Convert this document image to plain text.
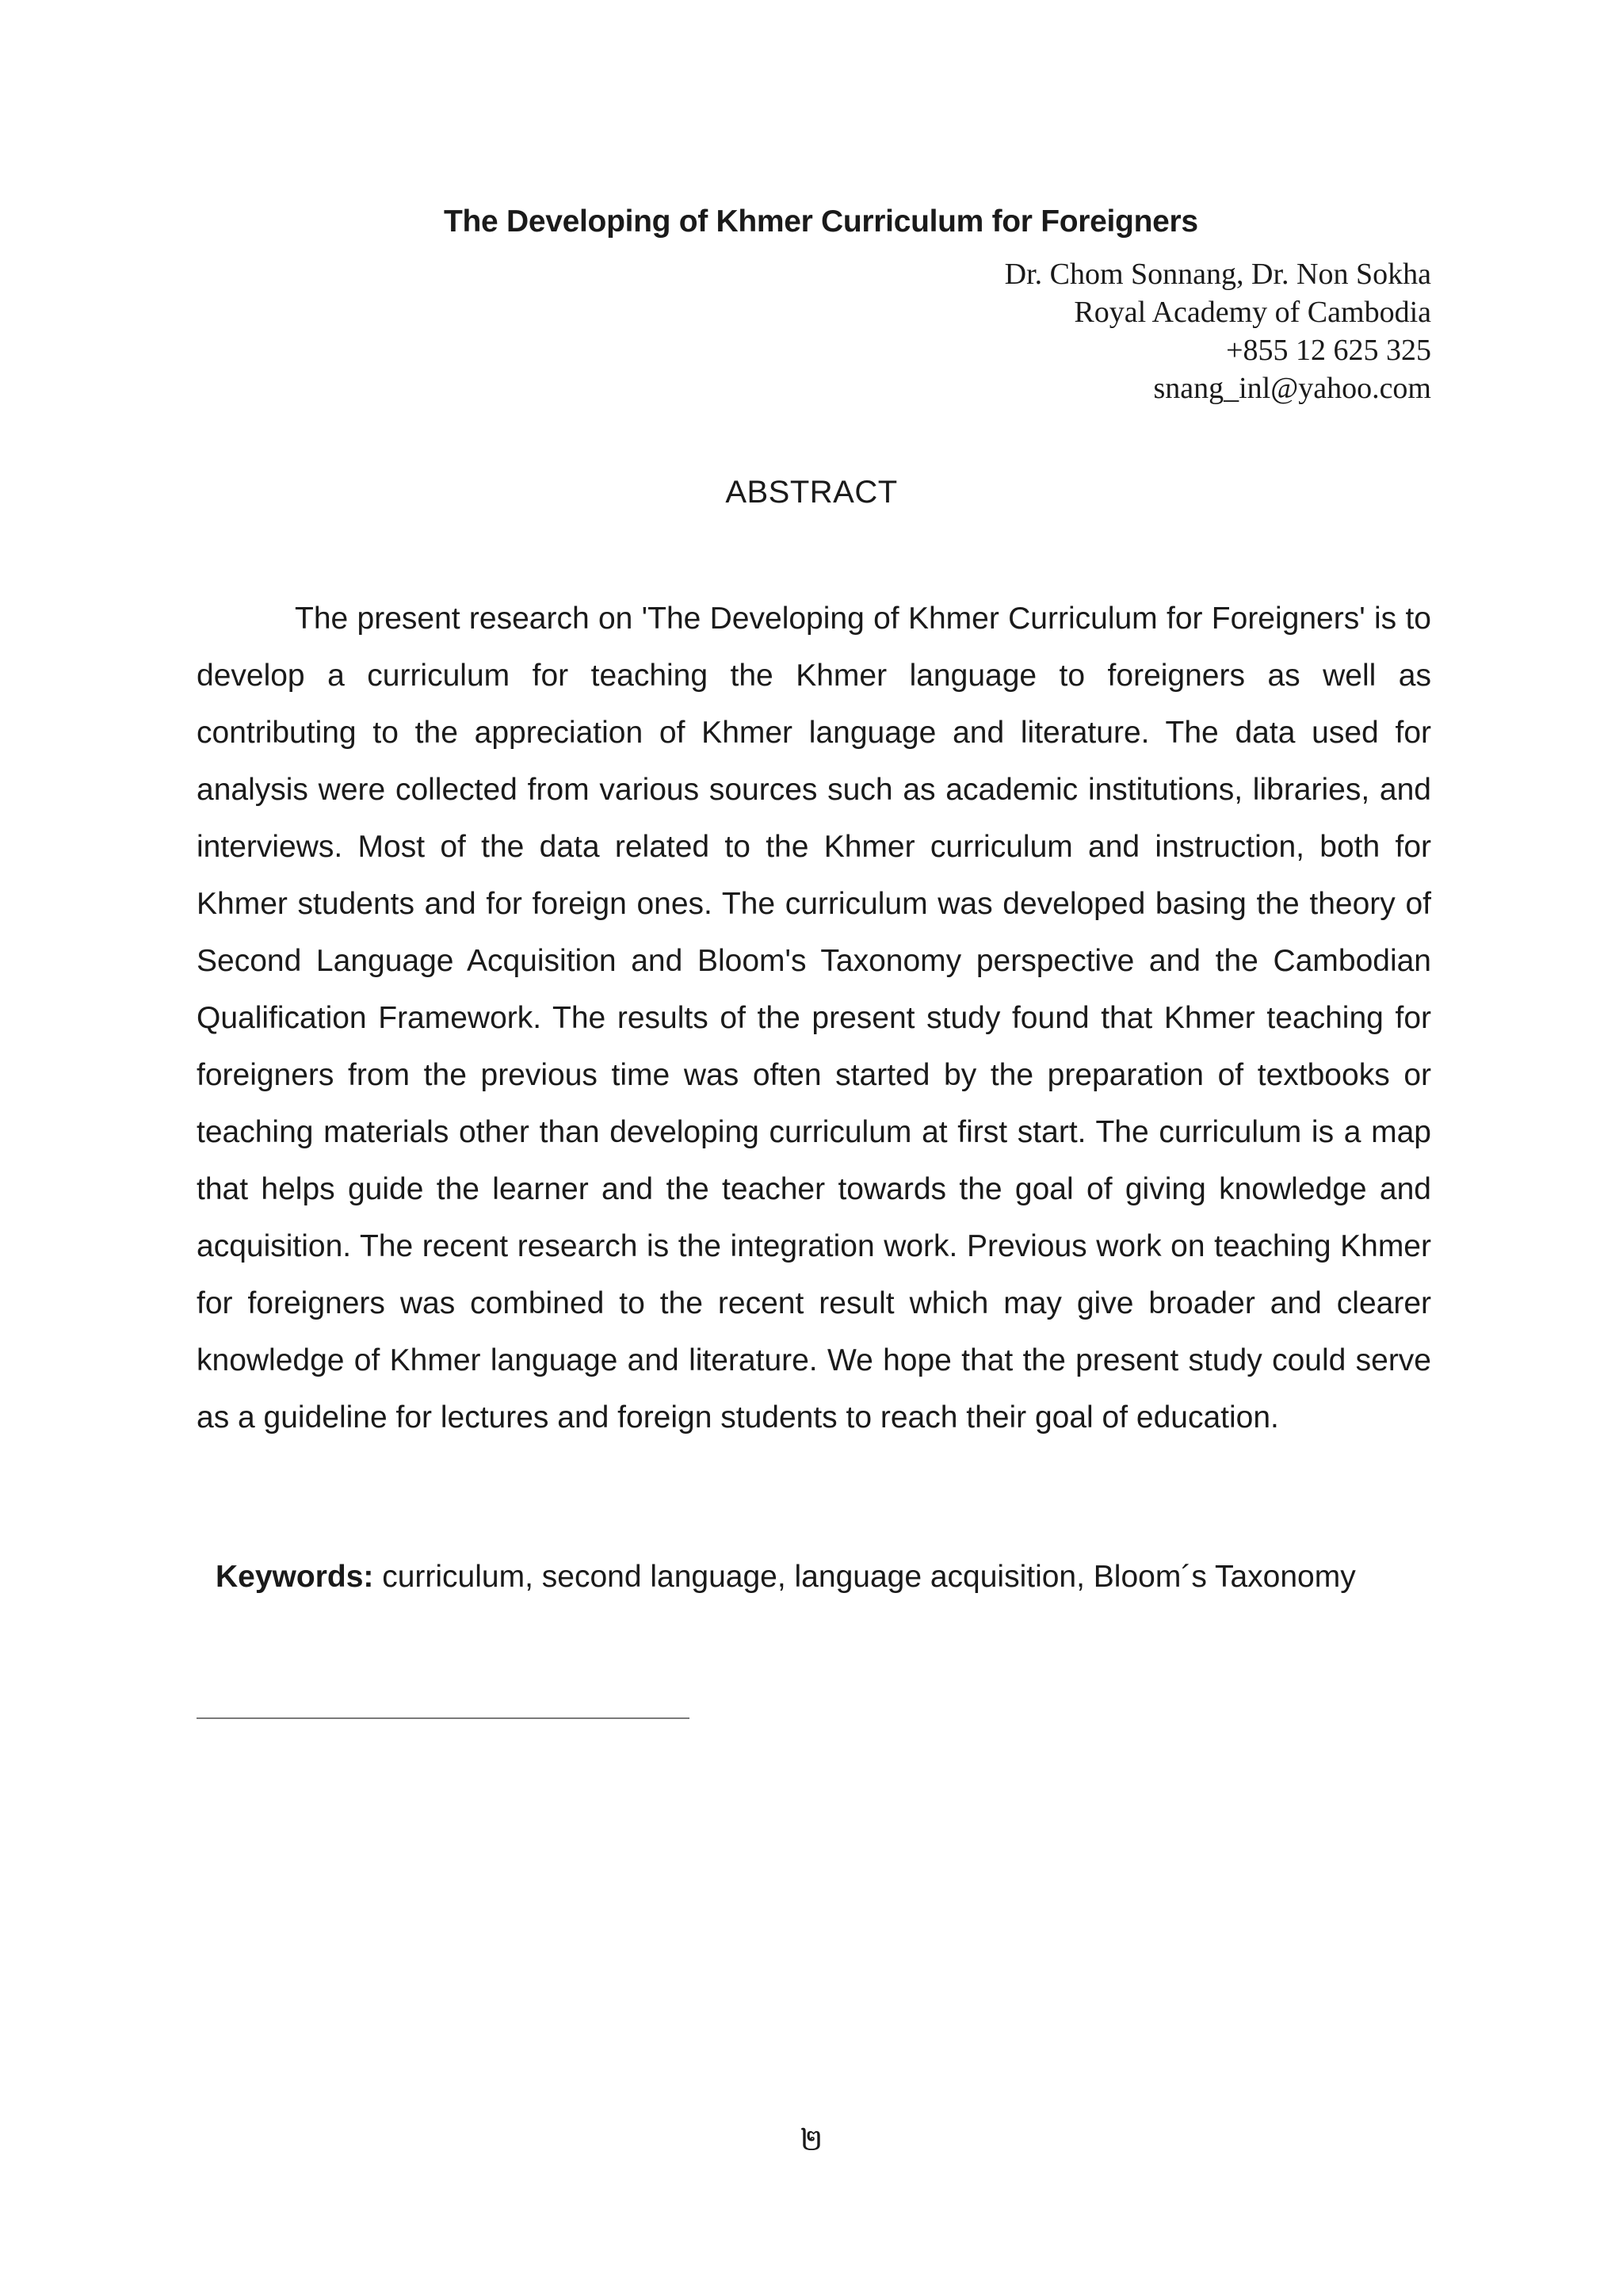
The Developing of Khmer Curriculum for Foreigners
Dr. Chom Sonnang, Dr. Non Sokha
Royal Academy of Cambodia
+855 12 625 325
snang_inl@yahoo.com
ABSTRACT

The present research on 'The Developing of Khmer Curriculum for Foreigners' is to develop a curriculum for teaching the Khmer language to foreigners as well as contributing to the appreciation of Khmer language and literature. The data used for analysis were collected from various sources such as academic institutions, libraries, and interviews. Most of the data related to the Khmer curriculum and instruction, both for Khmer students and for foreign ones. The curriculum was developed basing the theory of Second Language Acquisition and Bloom's Taxonomy perspective and the Cambodian Qualification Framework. The results of the present study found that Khmer teaching for foreigners from the previous time was often started by the preparation of textbooks or teaching materials other than developing curriculum at first start. The curriculum is a map that helps guide the learner and the teacher towards the goal of giving knowledge and acquisition. The recent research is the integration work. Previous work on teaching Khmer for foreigners was combined to the recent result which may give broader and clearer knowledge of Khmer language and literature. We hope that the present study could serve as a guideline for lectures and foreign students to reach their goal of education.

Keywords: curriculum, second language, language acquisition, Bloom´s Taxonomy
២
